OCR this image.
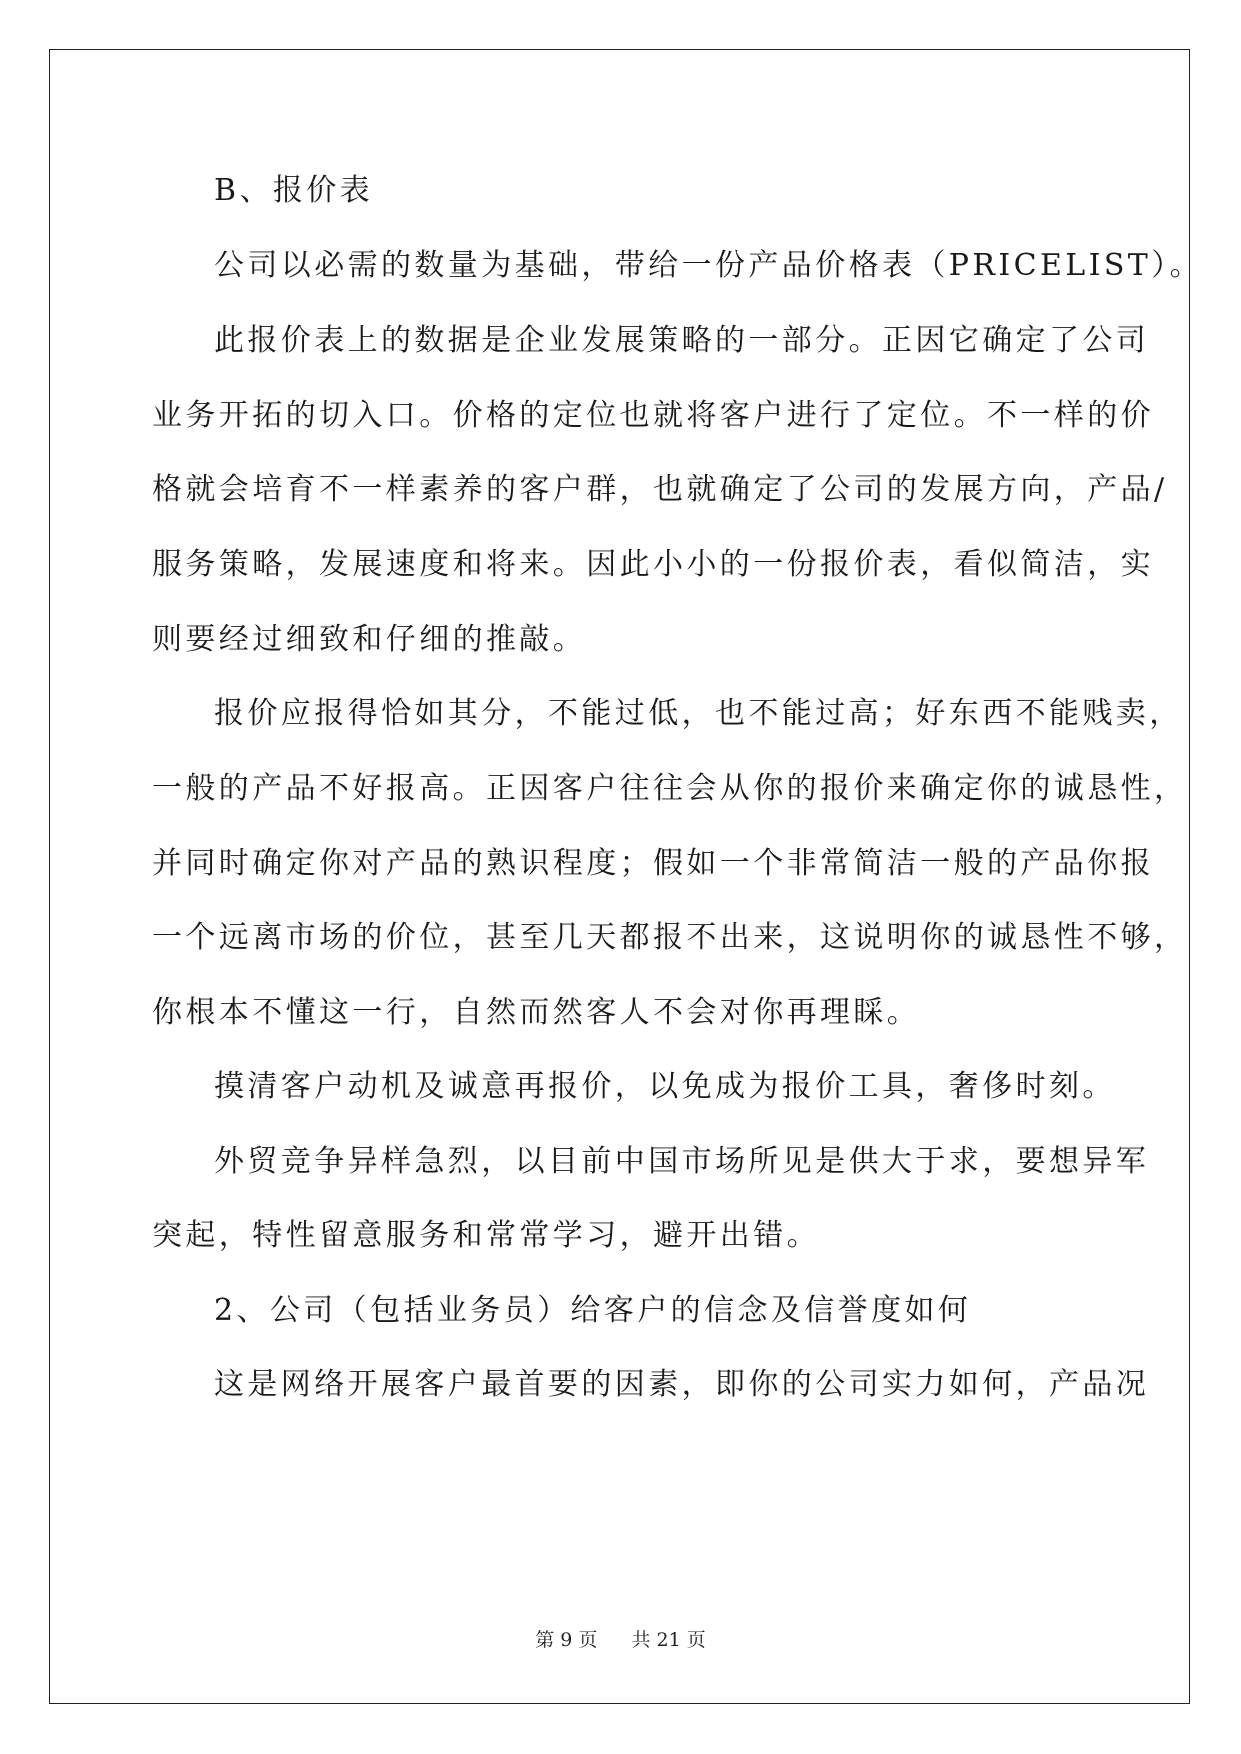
B、报价表

公司以必需的数量为基础，带给一份产品价格表（PRICELIST）。

此报价表上的数据是企业发展策略的一部分。正因它确定了公司

业务开拓的切入口。价格的定位也就将客户进行了定位。不一样的价

格就会培育不一样素养的客户群，也就确定了公司的发展方向，产品/

服务策略，发展速度和将来。因此小小的一份报价表，看似简洁，实

则要经过细致和仔细的推敲。

报价应报得恰如其分，不能过低，也不能过高；好东西不能贱卖，

一般的产品不好报高。正因客户往往会从你的报价来确定你的诚恳性，

并同时确定你对产品的熟识程度；假如一个非常简洁一般的产品你报

一个远离市场的价位，甚至几天都报不出来，这说明你的诚恳性不够，

你根本不懂这一行，自然而然客人不会对你再理睬。

摸清客户动机及诚意再报价，以免成为报价工具，奢侈时刻。

外贸竞争异样急烈，以目前中国市场所见是供大于求，要想异军

突起，特性留意服务和常常学习，避开出错。

2、公司（包括业务员）给客户的信念及信誉度如何

这是网络开展客户最首要的因素，即你的公司实力如何，产品况

第 9 页 共 21 页
